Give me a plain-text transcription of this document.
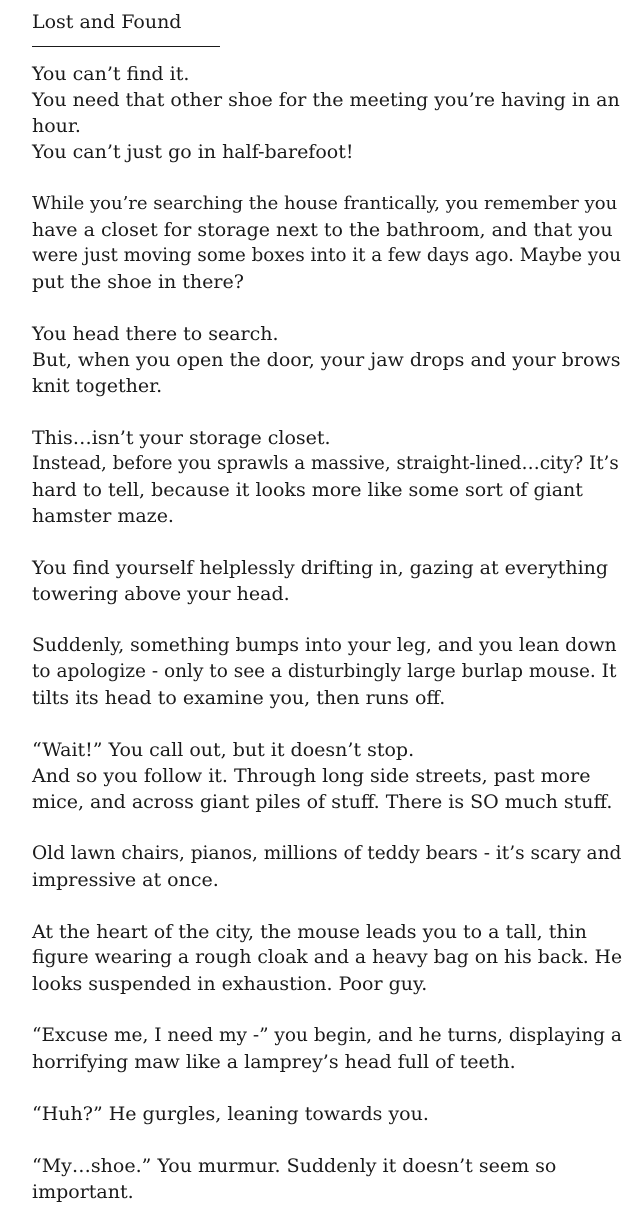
Lost and Found
You can’t find it.
You need that other shoe for the meeting you’re having in an
hour.
You can’t just go in half-barefoot!
While you’re searching the house frantically, you remember you
have a closet for storage next to the bathroom, and that you
were just moving some boxes into it a few days ago. Maybe you
put the shoe in there?
You head there to search.
But, when you open the door, your jaw drops and your brows
knit together.
This…isn’t your storage closet.
Instead, before you sprawls a massive, straight-lined…city? It’s
hard to tell, because it looks more like some sort of giant
hamster maze.
You find yourself helplessly drifting in, gazing at everything
towering above your head.
Suddenly, something bumps into your leg, and you lean down
to apologize - only to see a disturbingly large burlap mouse. It
tilts its head to examine you, then runs off.
“Wait!” You call out, but it doesn’t stop.
And so you follow it. Through long side streets, past more
mice, and across giant piles of stuff. There is SO much stuff.
Old lawn chairs, pianos, millions of teddy bears - it’s scary and
impressive at once.
At the heart of the city, the mouse leads you to a tall, thin
figure wearing a rough cloak and a heavy bag on his back. He
looks suspended in exhaustion. Poor guy.
“Excuse me, I need my -” you begin, and he turns, displaying a
horrifying maw like a lamprey’s head full of teeth.
“Huh?” He gurgles, leaning towards you.
“My…shoe.” You murmur. Suddenly it doesn’t seem so
important.
